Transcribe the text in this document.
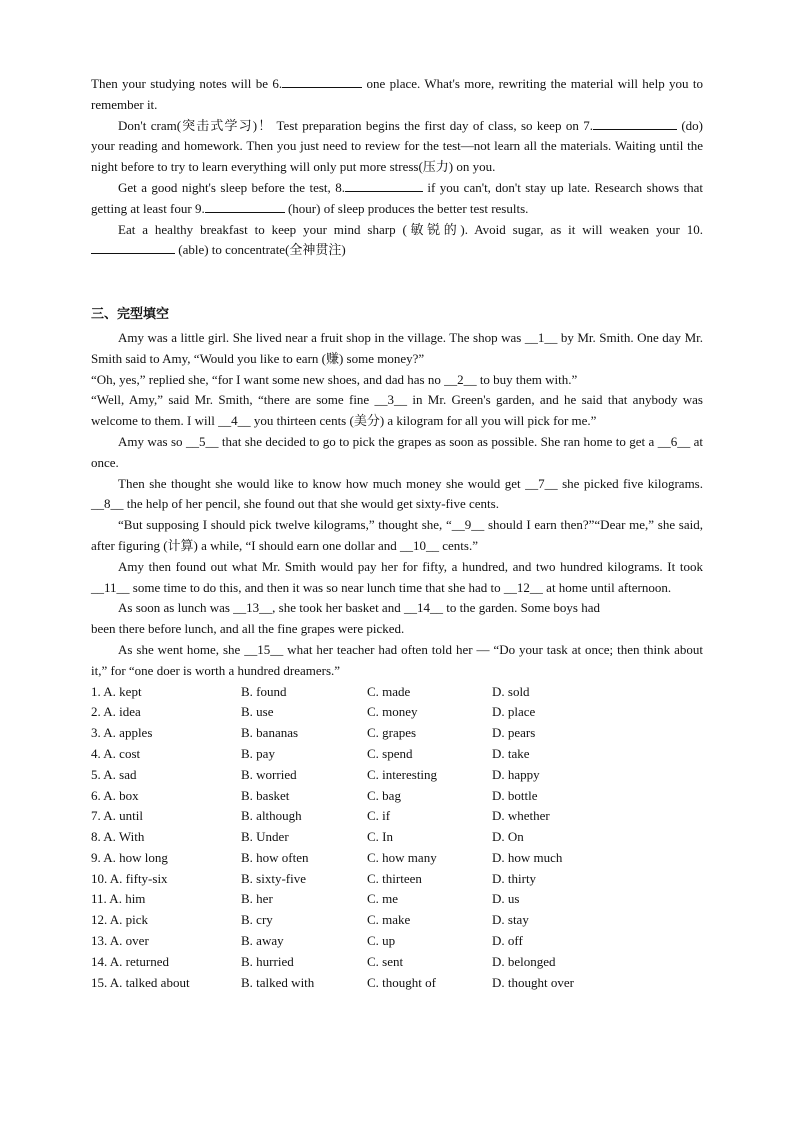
Then your studying notes will be 6.	one place. What's more, rewriting the material will help you to remember it.

Don't cram(突击式学习)！ Test preparation begins the first day of class, so keep on 7.	(do) your reading and homework. Then you just need to review for the test—not learn all the materials. Waiting until the night before to try to learn everything will only put more stress(压力) on you.

Get a good night's sleep before the test, 8.	if you can't, don't stay up late. Research shows that getting at least four 9.	(hour) of sleep produces the better test results.

Eat a healthy breakfast to keep your mind sharp (敏锐的). Avoid sugar, as it will weaken your 10. (able) to concentrate(全神贯注)

三、完型填空

Amy was a little girl. She lived near a fruit shop in the village. The shop was __1__ by Mr. Smith. One day Mr. Smith said to Amy, “Would you like to earn (赚) some money?”

“Oh, yes,” replied she, “for I want some new shoes, and dad has no __2__ to buy them with.”

“Well, Amy,” said Mr. Smith, “there are some fine __3__ in Mr. Green's garden, and he said that anybody was welcome to them. I will __4__ you thirteen cents (美分) a kilogram for all you will pick for me.”

Amy was so __5__ that she decided to go to pick the grapes as soon as possible. She ran home to get a __6__ at once.

Then she thought she would like to know how much money she would get __7__ she picked five kilograms. __8__ the help of her pencil, she found out that she would get sixty-five cents.

“But supposing I should pick twelve kilograms,” thought she, “__9__ should I earn then?”“Dear me,” she said, after figuring (计算) a while, “I should earn one dollar and __10__ cents.”

Amy then found out what Mr. Smith would pay her for fifty, a hundred, and two hundred kilograms. It took __11__ some time to do this, and then it was so near lunch time that she had to __12__ at home until afternoon.

As soon as lunch was __13__, she took her basket and __14__ to the garden. Some boys had

been there before lunch, and all the fine grapes were picked.

As she went home, she __15__ what her teacher had often told her — “Do your task at once; then think about it,” for “one doer is worth a hundred dreamers.”

1. A. kept	B. found	C. made	D. sold
2. A. idea	B. use	C. money	D. place
3. A. apples	B. bananas	C. grapes	D. pears
4. A. cost	B. pay	C. spend	D. take
5. A. sad	B. worried	C. interesting	D. happy
6. A. box	B. basket	C. bag	D. bottle
7. A. until	B. although	C. if	D. whether
8. A. With	B. Under	C. In	D. On
9. A. how long	B. how often	C. how many	D. how much
10. A. fifty-six	B. sixty-five	C. thirteen	D. thirty
11. A. him	B. her	C. me	D. us
12. A. pick	B. cry	C. make	D. stay
13. A. over	B. away	C. up	D. off
14. A. returned	B. hurried	C. sent	D. belonged
15. A. talked about	B. talked with	C. thought of	D. thought over
